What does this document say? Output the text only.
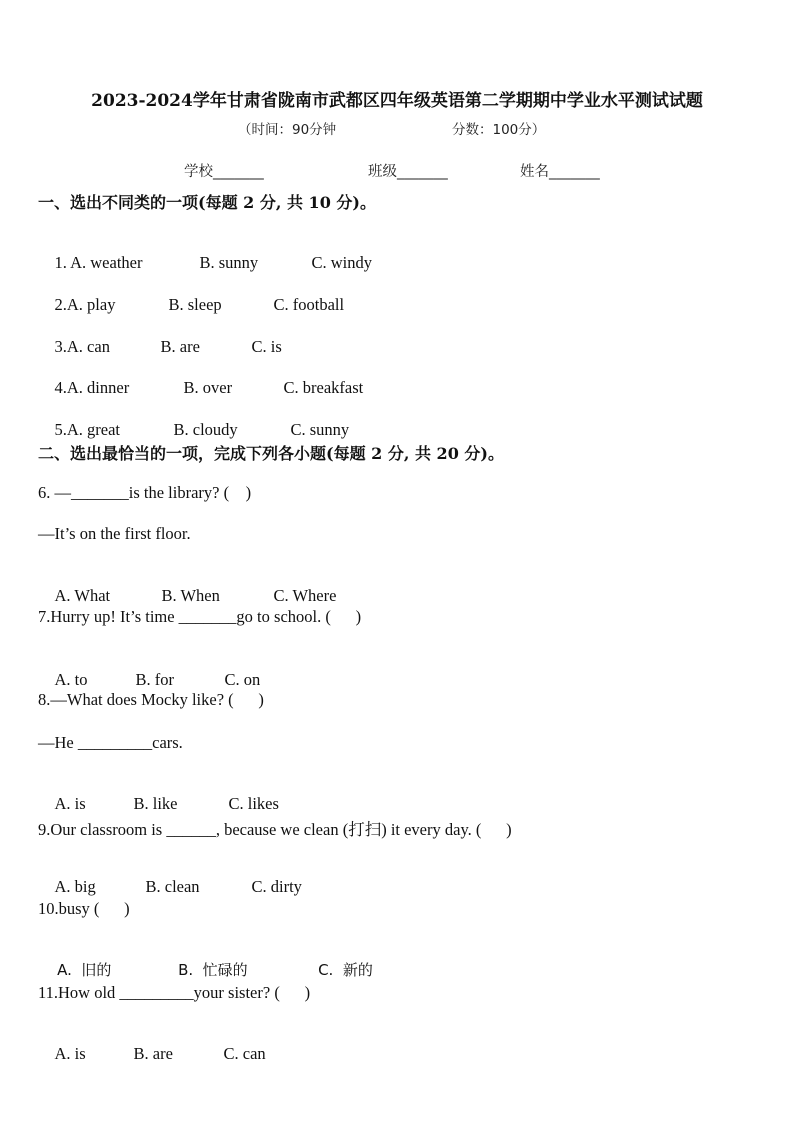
2023-2024学年甘肃省陇南市武都区四年级英语第二学期期中学业水平测试试题
（时间：90分钟	分数：100分）
学校_______	班级_______	姓名_______
一、选出不同类的一项(每题 2 分, 共 10 分)。

1. A. weather	B. sunny	C. windy

2.A. play	B. sleep	C. football

3.A. can	B. are	C. is

4.A. dinner	B. over	C. breakfast

5.A. great	B. cloudy	C. sunny

二、选出最恰当的一项，完成下列各小题(每题 2 分, 共 20 分)。
6. —_______is the library? (    )
—It’s on the first floor.

A. What	B. When	C. Where

7.Hurry up! It’s time _______go to school. (      )

A. to	B. for	C. on

8.—What does Mocky like? (      )
—He _________cars.

A. is	B. like	C. likes

9.Our classroom is ______, because we clean (打扫) it every day. (      )

A. big	B. clean	C. dirty

10.busy (      )

A.  旧的	B.  忙碌的	C.  新的

11.How old _________your sister? (      )

A. is	B. are	C. can
